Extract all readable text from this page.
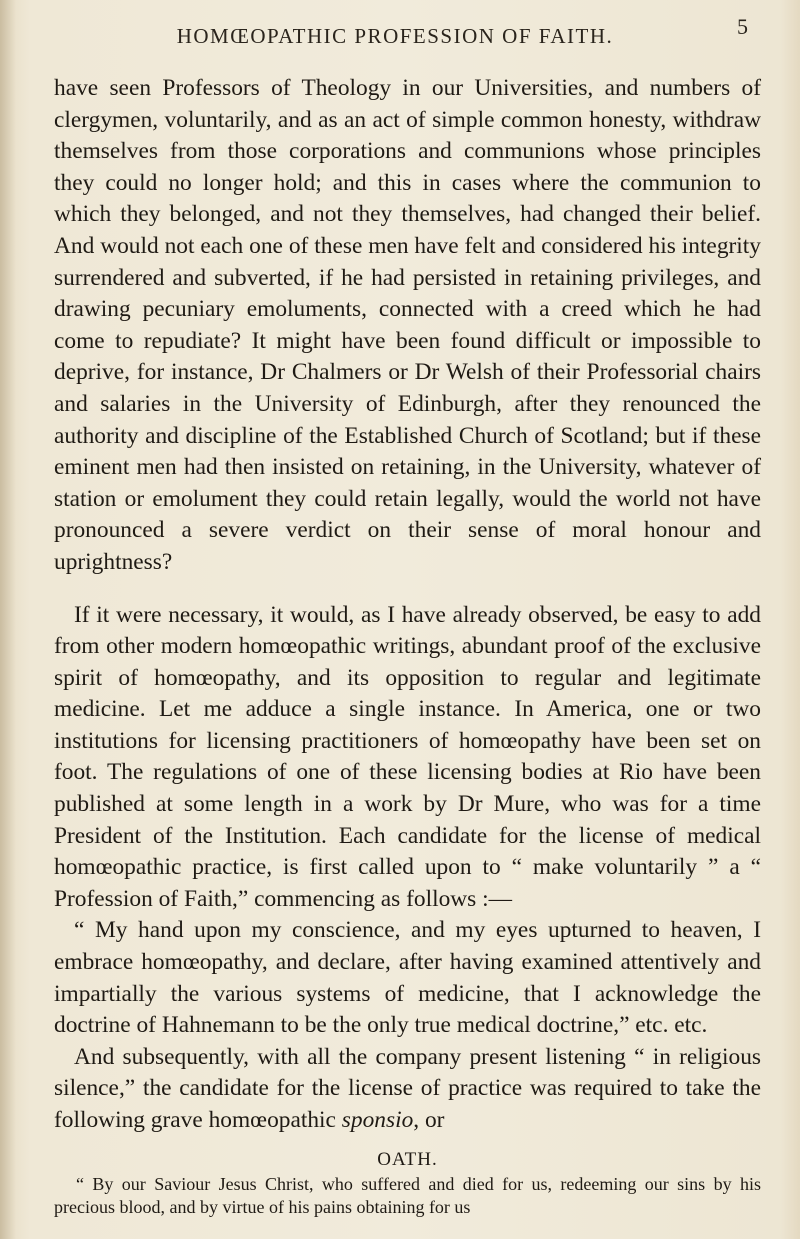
HOMŒOPATHIC PROFESSION OF FAITH.	5

have seen Professors of Theology in our Universities, and numbers of clergymen, voluntarily, and as an act of simple common honesty, withdraw themselves from those corporations and communions whose principles they could no longer hold; and this in cases where the communion to which they belonged, and not they themselves, had changed their belief. And would not each one of these men have felt and considered his integrity surrendered and subverted, if he had persisted in retaining privileges, and drawing pecuniary emoluments, connected with a creed which he had come to repudiate? It might have been found difficult or impossible to deprive, for instance, Dr Chalmers or Dr Welsh of their Professorial chairs and salaries in the University of Edinburgh, after they renounced the authority and discipline of the Established Church of Scotland; but if these eminent men had then insisted on retaining, in the University, whatever of station or emolument they could retain legally, would the world not have pronounced a severe verdict on their sense of moral honour and uprightness?

If it were necessary, it would, as I have already observed, be easy to add from other modern homœopathic writings, abundant proof of the exclusive spirit of homœopathy, and its opposition to regular and legitimate medicine. Let me adduce a single instance. In America, one or two institutions for licensing practitioners of homœopathy have been set on foot. The regulations of one of these licensing bodies at Rio have been published at some length in a work by Dr Mure, who was for a time President of the Institution. Each candidate for the license of medical homœopathic practice, is first called upon to “ make voluntarily ” a “ Profession of Faith,” commencing as follows :—

“ My hand upon my conscience, and my eyes upturned to heaven, I embrace homœopathy, and declare, after having examined attentively and impartially the various systems of medicine, that I acknowledge the doctrine of Hahnemann to be the only true medical doctrine,” etc. etc.

And subsequently, with all the company present listening “ in religious silence,” the candidate for the license of practice was required to take the following grave homœopathic sponsio, or

OATH.

“ By our Saviour Jesus Christ, who suffered and died for us, redeeming our sins by his precious blood, and by virtue of his pains obtaining for us
